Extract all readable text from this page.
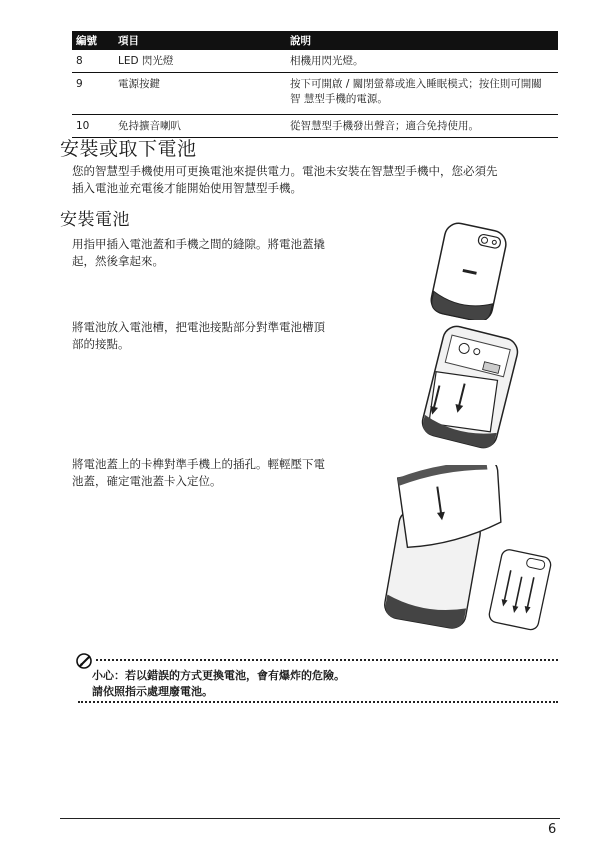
編號	項目	說明
8	LED 閃光燈	相機用閃光燈。
9	電源按鍵	按下可開啟 / 關閉螢幕或進入睡眠模式；按住則可開關
智 慧型手機的電源。

10	免持擴音喇叭	從智慧型手機發出聲音；適合免持使用。
安裝或取下電池
您的智慧型手機使用可更換電池來提供電力。電池未安裝在智慧型手機中，您必須先
插入電池並充電後才能開始使用智慧型手機。
安裝電池
用指甲插入電池蓋和手機之間的縫隙。將電池蓋撬
起，然後拿起來。
將電池放入電池槽，把電池接點部分對準電池槽頂
部的接點。
將電池蓋上的卡榫對準手機上的插孔。輕輕壓下電
池蓋，確定電池蓋卡入定位。
小心：若以錯誤的方式更換電池，會有爆炸的危險。
請依照指示處理廢電池。
6
